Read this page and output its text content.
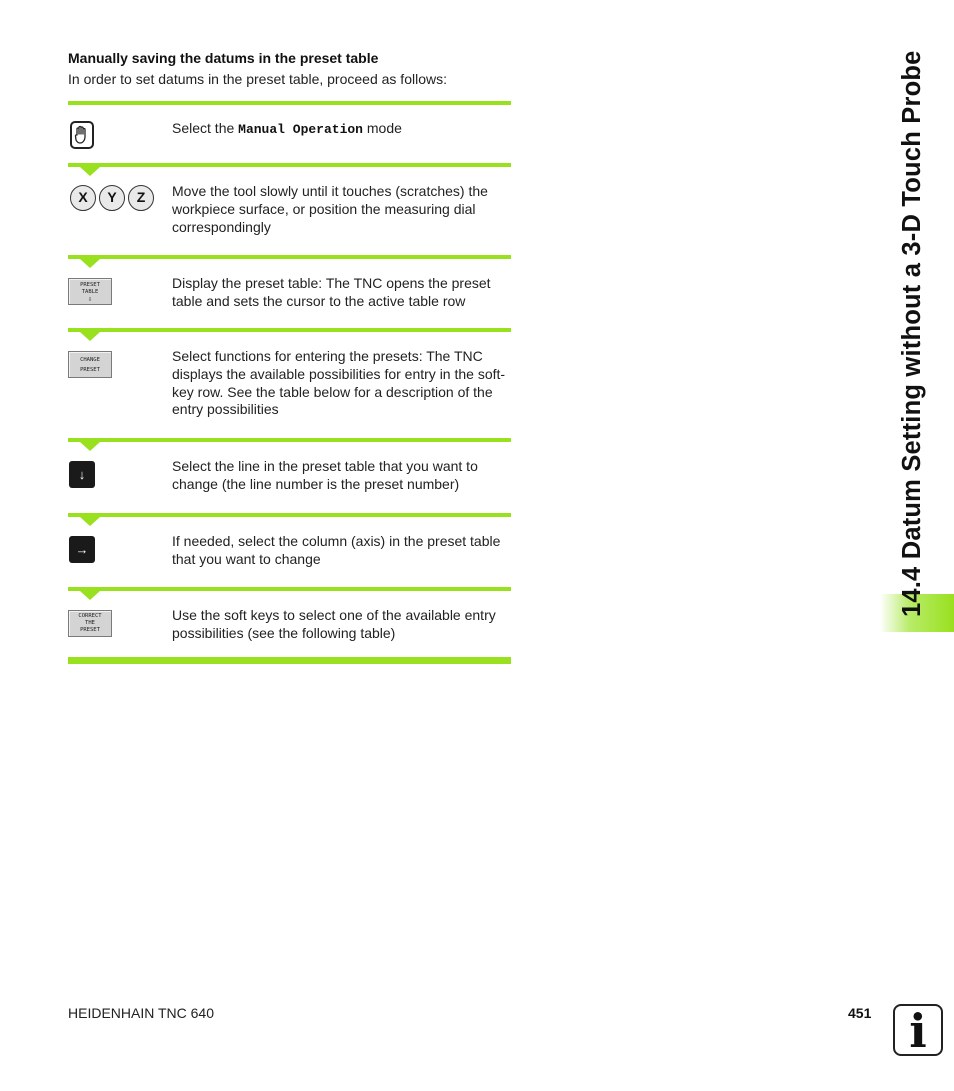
Manually saving the datums in the preset table
In order to set datums in the preset table, proceed as follows:
Select the Manual Operation mode
X Y Z	Move the tool slowly until it touches (scratches) the workpiece surface, or position the measuring dial correspondingly
PRESET
TABLE
⇩
Display the preset table: The TNC opens the preset table and sets the cursor to the active table row
CHANGE
PRESET
Select functions for entering the presets: The TNC displays the available possibilities for entry in the soft-key row. See the table below for a description of the entry possibilities
↓
Select the line in the preset table that you want to change (the line number is the preset number)
→
If needed, select the column (axis) in the preset table that you want to change
CORRECT
THE
PRESET
Use the soft keys to select one of the available entry possibilities (see the following table)
14.4 Datum Setting without a 3-D Touch Probe
HEIDENHAIN TNC 640	451 i
